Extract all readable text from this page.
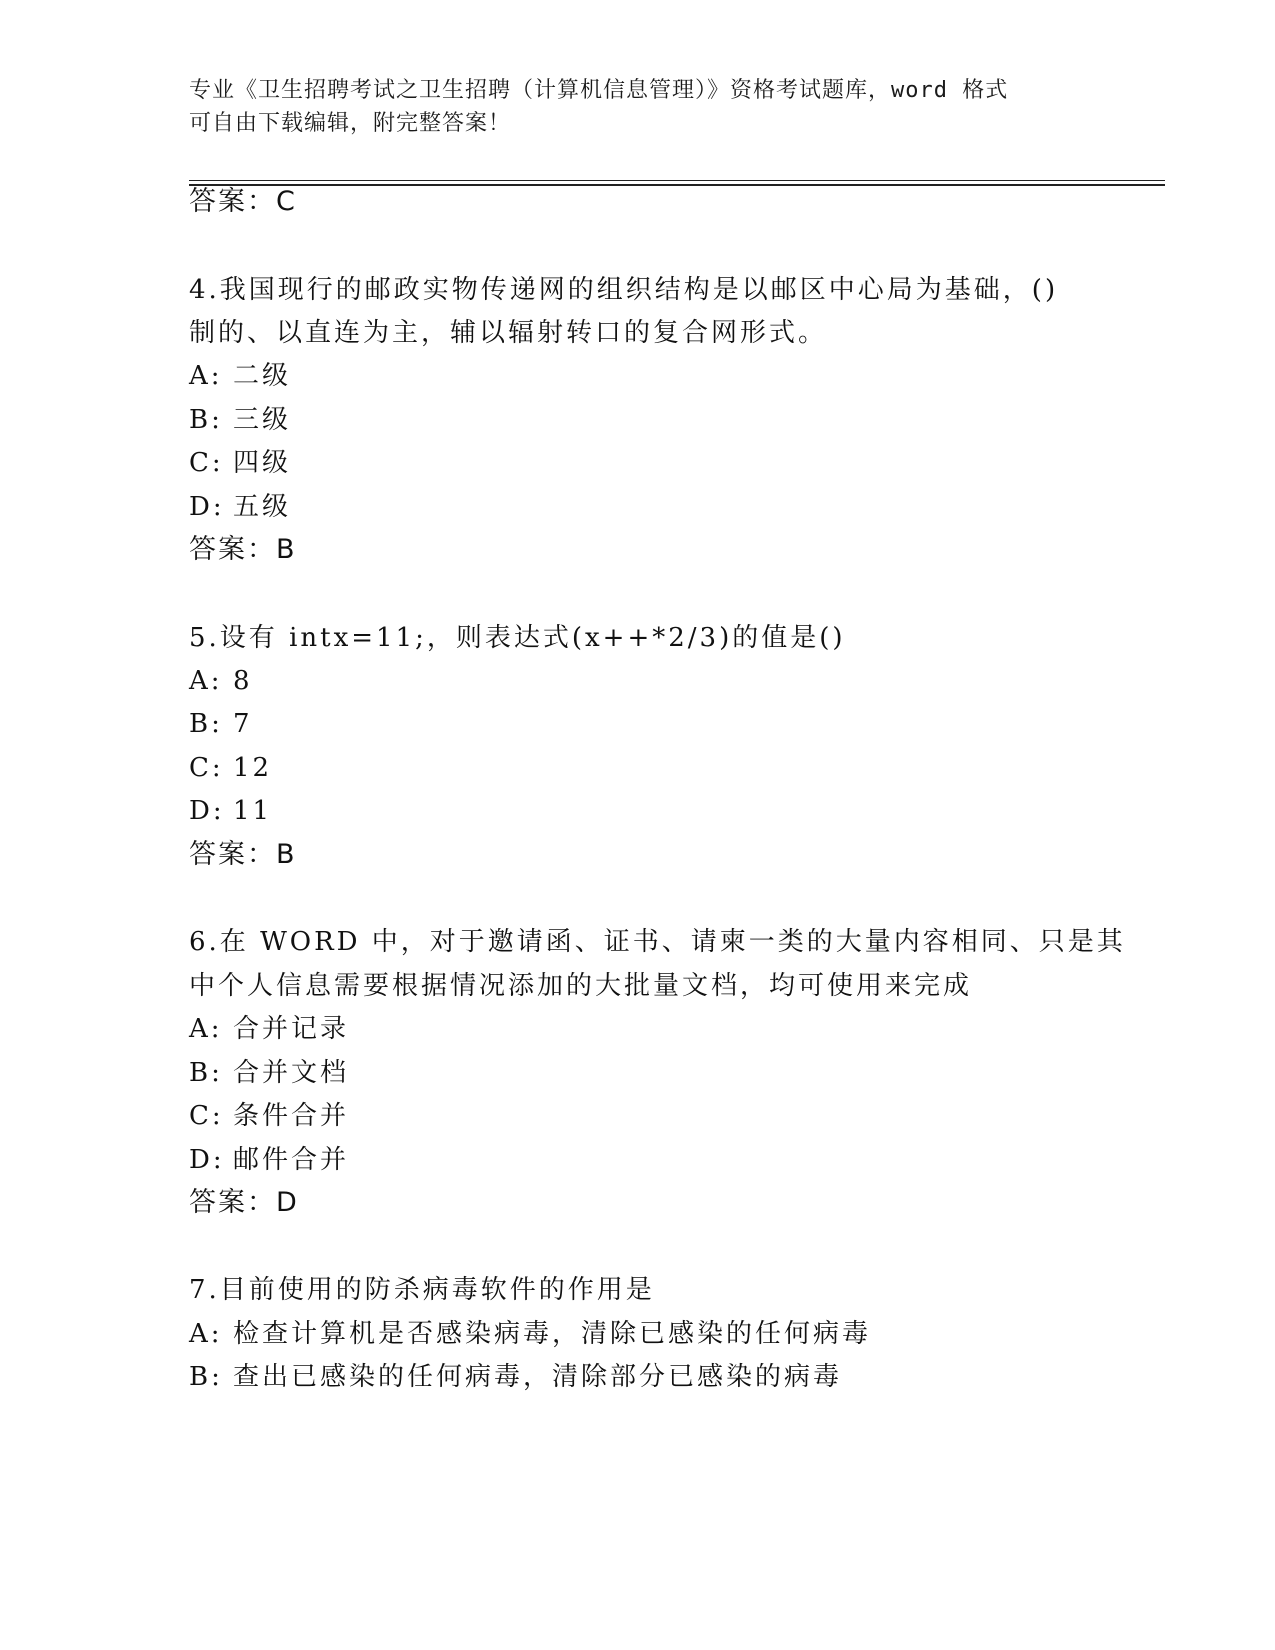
专业《卫生招聘考试之卫生招聘（计算机信息管理）》资格考试题库，word 格式
可自由下载编辑，附完整答案！
答案：C
4.我国现行的邮政实物传递网的组织结构是以邮区中心局为基础，()
制的、以直连为主，辅以辐射转口的复合网形式。
A: 二级
B: 三级
C: 四级
D: 五级
答案：B
5.设有 intx=11;，则表达式(x++*2/3)的值是()
A: 8
B: 7
C: 12
D: 11
答案：B
6.在 WORD 中，对于邀请函、证书、请柬一类的大量内容相同、只是其
中个人信息需要根据情况添加的大批量文档，均可使用来完成
A: 合并记录
B: 合并文档
C: 条件合并
D: 邮件合并
答案：D
7.目前使用的防杀病毒软件的作用是
A: 检查计算机是否感染病毒，清除已感染的任何病毒
B: 查出已感染的任何病毒，清除部分已感染的病毒
